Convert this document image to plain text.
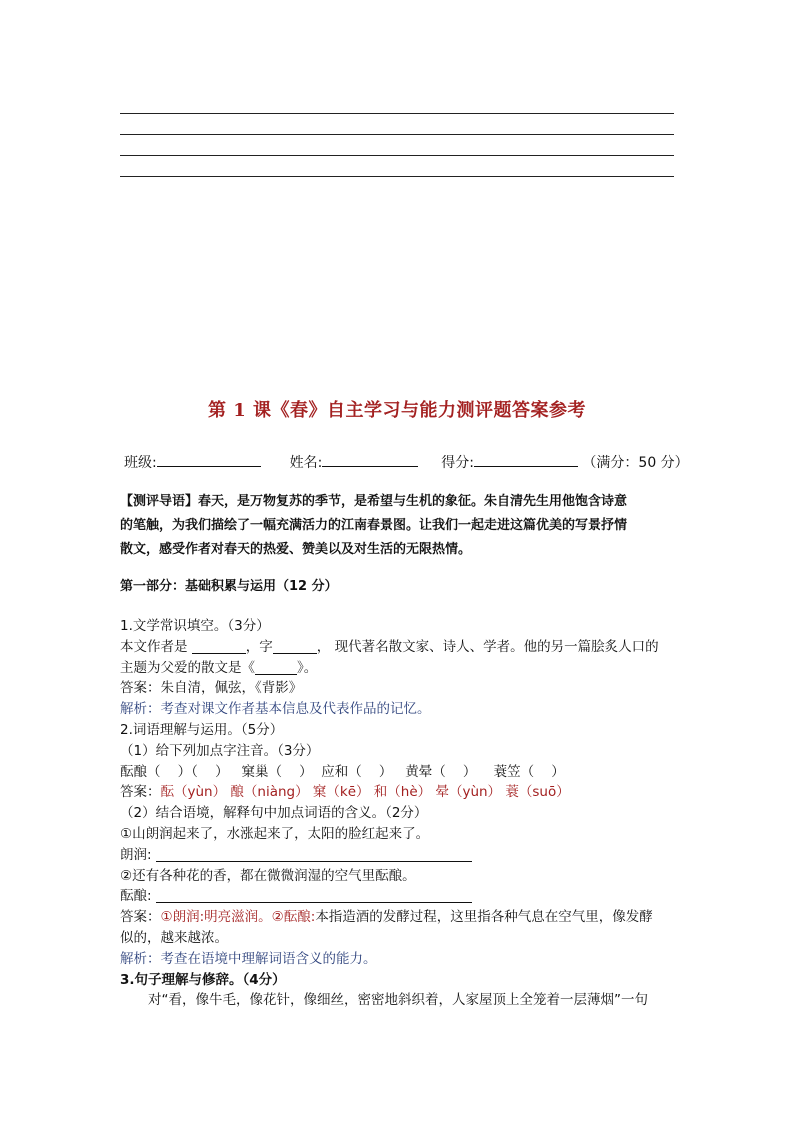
第 1 课《春》自主学习与能力测评题答案参考
班级:	姓名:	得分:	（满分：50 分）
【测评导语】春天，是万物复苏的季节，是希望与生机的象征。朱自清先生用他饱含诗意
的笔触，为我们描绘了一幅充满活力的江南春景图。让我们一起走进这篇优美的写景抒情
散文，感受作者对春天的热爱、赞美以及对生活的无限热情。
第一部分：基础积累与运用（12 分）
1.文学常识填空。（3分）
本文作者是	，字	， 现代著名散文家、诗人、学者。他的另一篇脍炙人口的
主题为父爱的散文是《	》。
答案：朱自清，佩弦，《背影》
解析：考查对课文作者基本信息及代表作品的记忆。
2.词语理解与运用。（5分）
（1）给下列加点字注音。（3分）
酝酿（    ）（    ）   窠巢（    ）  应和（    ）   黄晕（    ）    蓑笠（    ）
答案：酝（yùn） 酿（niàng） 窠（kē） 和（hè） 晕（yùn） 蓑（suō）
（2）结合语境，解释句中加点词语的含义。（2分）
①山朗润起来了，水涨起来了，太阳的脸红起来了。
朗润:
②还有各种花的香，都在微微润湿的空气里酝酿。
酝酿:
答案：①朗润:明亮滋润。②酝酿:本指造酒的发酵过程，这里指各种气息在空气里，像发酵
似的，越来越浓。
解析：考查在语境中理解词语含义的能力。
3.句子理解与修辞。（4分）
对“看，像牛毛，像花针，像细丝，密密地斜织着，人家屋顶上全笼着一层薄烟”一句
